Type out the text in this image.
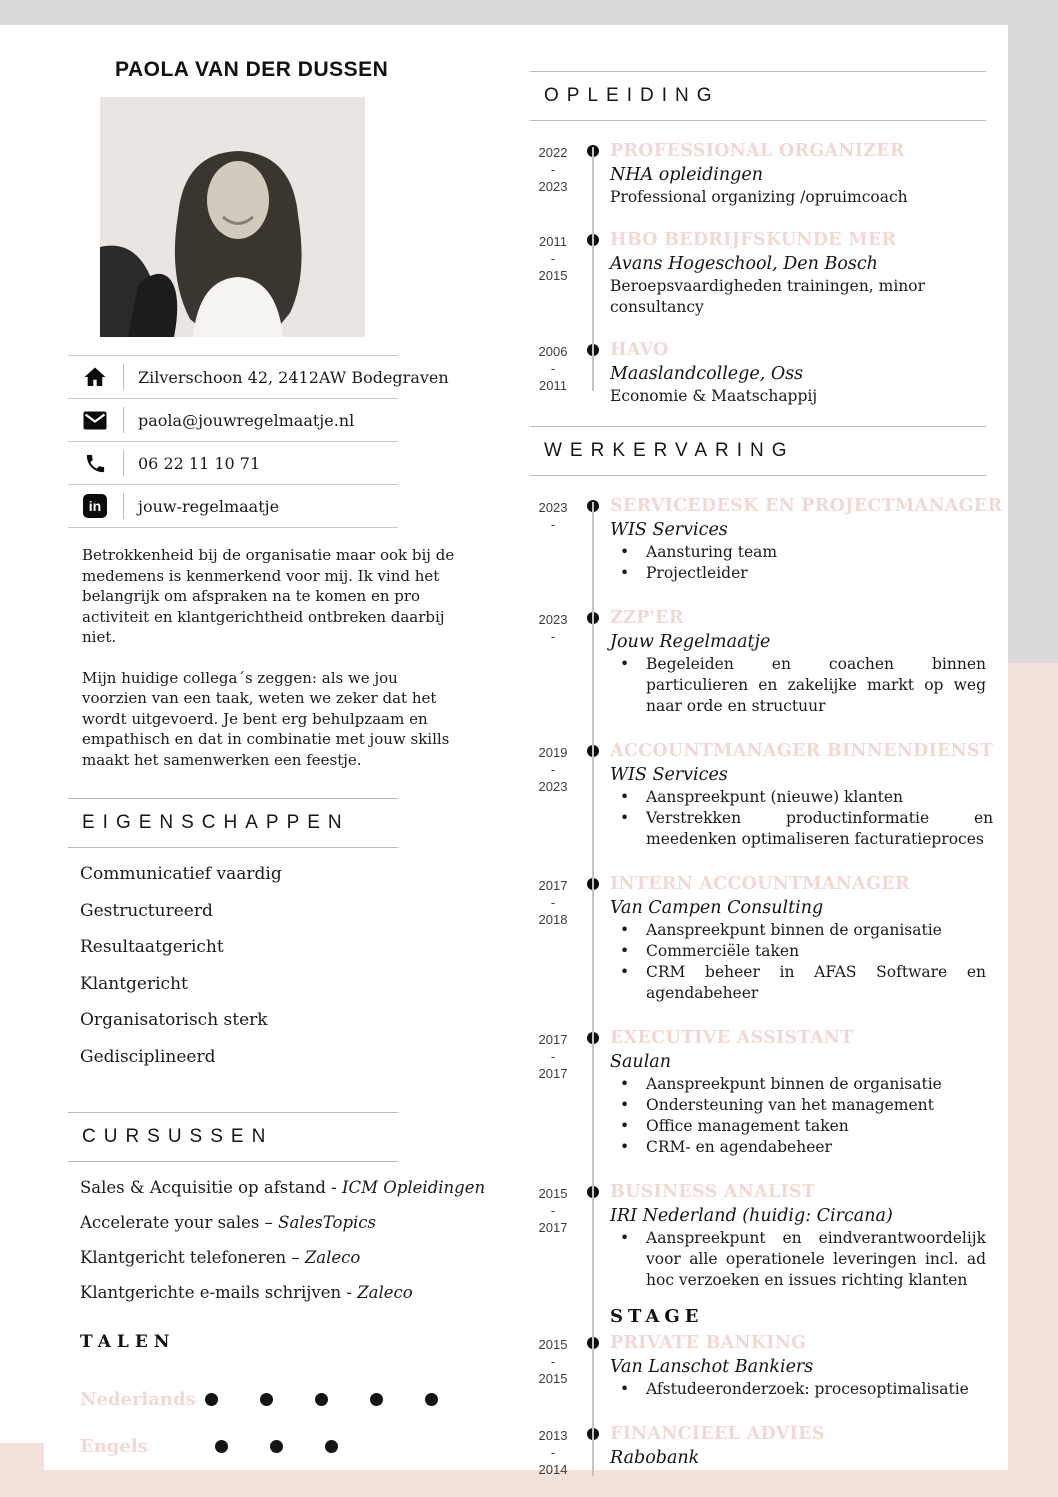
PAOLA VAN DER DUSSEN
Zilverschoon 42, 2412AW Bodegraven
paola@jouwregelmaatje.nl
06 22 11 10 71
in	jouw-regelmaatje

Betrokkenheid bij de organisatie maar ook bij de medemens is kenmerkend voor mij. Ik vind het belangrijk om afspraken na te komen en pro activiteit en klantgerichtheid ontbreken daarbij niet.

Mijn huidige collega´s zeggen: als we jou voorzien van een taak, weten we zeker dat het wordt uitgevoerd. Je bent erg behulpzaam en empathisch en dat in combinatie met jouw skills maakt het samenwerken een feestje.

EIGENSCHAPPEN
Communicatief vaardig
Gestructureerd
Resultaatgericht
Klantgericht
Organisatorisch sterk
Gedisciplineerd
CURSUSSEN
Sales & Acquisitie op afstand - ICM Opleidingen
Accelerate your sales – SalesTopics
Klantgericht telefoneren – Zaleco
Klantgerichte e-mails schrijven - Zaleco
TALEN
Nederlands
Engels
OPLEIDING
2022
-
2023
PROFESSIONAL ORGANIZER
NHA opleidingen
Professional organizing /opruimcoach
2011
-
2015
HBO BEDRIJFSKUNDE MER
Avans Hogeschool, Den Bosch
Beroepsvaardigheden trainingen, minor consultancy
2006
-
2011
HAVO
Maaslandcollege, Oss
Economie & Maatschappij
WERKERVARING
2023
-
SERVICEDESK EN PROJECTMANAGER
WIS Services
• Aansturing team
• Projectleider
2023
-
ZZP'ER
Jouw Regelmaatje
• Begeleiden en coachen binnen particulieren en zakelijke markt op weg naar orde en structuur
2019
-
2023
ACCOUNTMANAGER BINNENDIENST
WIS Services
• Aanspreekpunt (nieuwe) klanten
• Verstrekken productinformatie en meedenken optimaliseren facturatieproces
2017
-
2018
INTERN ACCOUNTMANAGER
Van Campen Consulting
• Aanspreekpunt binnen de organisatie
• Commerciële taken
• CRM beheer in AFAS Software en agendabeheer
2017
-
2017
EXECUTIVE ASSISTANT
Saulan
• Aanspreekpunt binnen de organisatie
• Ondersteuning van het management
• Office management taken
• CRM- en agendabeheer
2015
-
2017
BUSINESS ANALIST
IRI Nederland (huidig: Circana)
• Aanspreekpunt en eindverantwoordelijk voor alle operationele leveringen incl. ad hoc verzoeken en issues richting klanten
STAGE
2015
-
2015
PRIVATE BANKING
Van Lanschot Bankiers
• Afstudeeronderzoek: procesoptimalisatie
2013
-
2014
FINANCIEEL ADVIES
Rabobank
